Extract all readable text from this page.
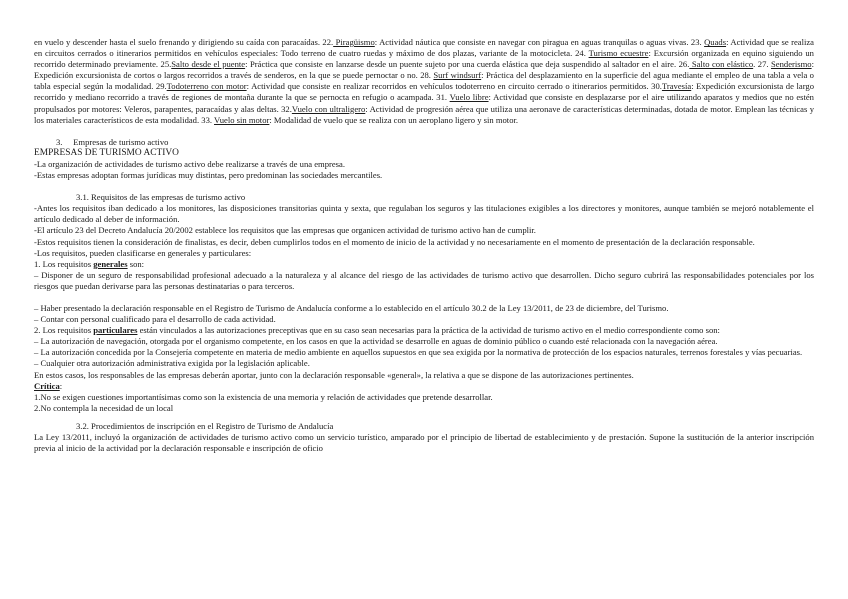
en vuelo y descender hasta el suelo frenando y dirigiendo su caída con paracaídas. 22. Piragüismo: Actividad náutica que consiste en navegar con piragua en aguas tranquilas o aguas vivas. 23. Quads: Actividad que se realiza en circuitos cerrados o itinerarios permitidos en vehículos especiales: Todo terreno de cuatro ruedas y máximo de dos plazas, variante de la motocicleta. 24. Turismo ecuestre: Excursión organizada en equino siguiendo un recorrido determinado previamente. 25.Salto desde el puente: Práctica que consiste en lanzarse desde un puente sujeto por una cuerda elástica que deja suspendido al saltador en el aire. 26. Salto con elástico. 27. Senderismo: Expedición excursionista de cortos o largos recorridos a través de senderos, en la que se puede pernoctar o no. 28. Surf windsurf: Práctica del desplazamiento en la superficie del agua mediante el empleo de una tabla a vela o tabla especial según la modalidad. 29.Todoterreno con motor: Actividad que consiste en realizar recorridos en vehículos todoterreno en circuito cerrado o itinerarios permitidos. 30.Travesía: Expedición excursionista de largo recorrido y mediano recorrido a través de regiones de montaña durante la que se pernocta en refugio o acampada. 31. Vuelo libre: Actividad que consiste en desplazarse por el aire utilizando aparatos y medios que no estén propulsados por motores: Veleros, parapentes, paracaídas y alas deltas. 32.Vuelo con ultraligero: Actividad de progresión aérea que utiliza una aeronave de características determinadas, dotada de motor. Emplean las técnicas y los materiales característicos de esta modalidad. 33. Vuelo sin motor: Modalidad de vuelo que se realiza con un aeroplano ligero y sin motor.

3.     Empresas de turismo activo

EMPRESAS DE TURISMO ACTIVO

-La organización de actividades de turismo activo debe realizarse a través de una empresa.

-Estas empresas adoptan formas jurídicas muy distintas, pero predominan las sociedades mercantiles.

3.1. Requisitos de las empresas de turismo activo

-Antes los requisitos iban dedicado a los monitores, las disposiciones transitorias quinta y sexta, que regulaban los seguros y las titulaciones exigibles a los directores y monitores, aunque también se mejoró notablemente el artículo dedicado al deber de información.

-El artículo 23 del Decreto Andalucía 20/2002 establece los requisitos que las empresas que organicen actividad de turismo activo han de cumplir.

-Estos requisitos tienen la consideración de finalistas, es decir, deben cumplirlos todos en el momento de inicio de la actividad y no necesariamente en el momento de presentación de la declaración responsable.

-Los requisitos, pueden clasificarse en generales y particulares:

1. Los requisitos generales son:

– Disponer de un seguro de responsabilidad profesional adecuado a la naturaleza y al alcance del riesgo de las actividades de turismo activo que desarrollen. Dicho seguro cubrirá las responsabilidades potenciales por los riesgos que puedan derivarse para las personas destinatarias o para terceros.

– Haber presentado la declaración responsable en el Registro de Turismo de Andalucía conforme a lo establecido en el artículo 30.2 de la Ley 13/2011, de 23 de diciembre, del Turismo.

– Contar con personal cualificado para el desarrollo de cada actividad.

2. Los requisitos particulares están vinculados a las autorizaciones preceptivas que en su caso sean necesarias para la práctica de la actividad de turismo activo en el medio correspondiente como son:

– La autorización de navegación, otorgada por el organismo competente, en los casos en que la actividad se desarrolle en aguas de dominio público o cuando esté relacionada con la navegación aérea.

– La autorización concedida por la Consejería competente en materia de medio ambiente en aquellos supuestos en que sea exigida por la normativa de protección de los espacios naturales, terrenos forestales y vías pecuarias.

– Cualquier otra autorización administrativa exigida por la legislación aplicable.

En estos casos, los responsables de las empresas deberán aportar, junto con la declaración responsable «general», la relativa a que se dispone de las autorizaciones pertinentes.

Crítica:

1.No se exigen cuestiones importantísimas como son la existencia de una memoria y relación de actividades que pretende desarrollar.

2.No contempla la necesidad de un local

3.2. Procedimientos de inscripción en el Registro de Turismo de Andalucía

La Ley 13/2011, incluyó la organización de actividades de turismo activo como un servicio turístico, amparado por el principio de libertad de establecimiento y de prestación. Supone la sustitución de la anterior inscripción previa al inicio de la actividad por la declaración responsable e inscripción de oficio
